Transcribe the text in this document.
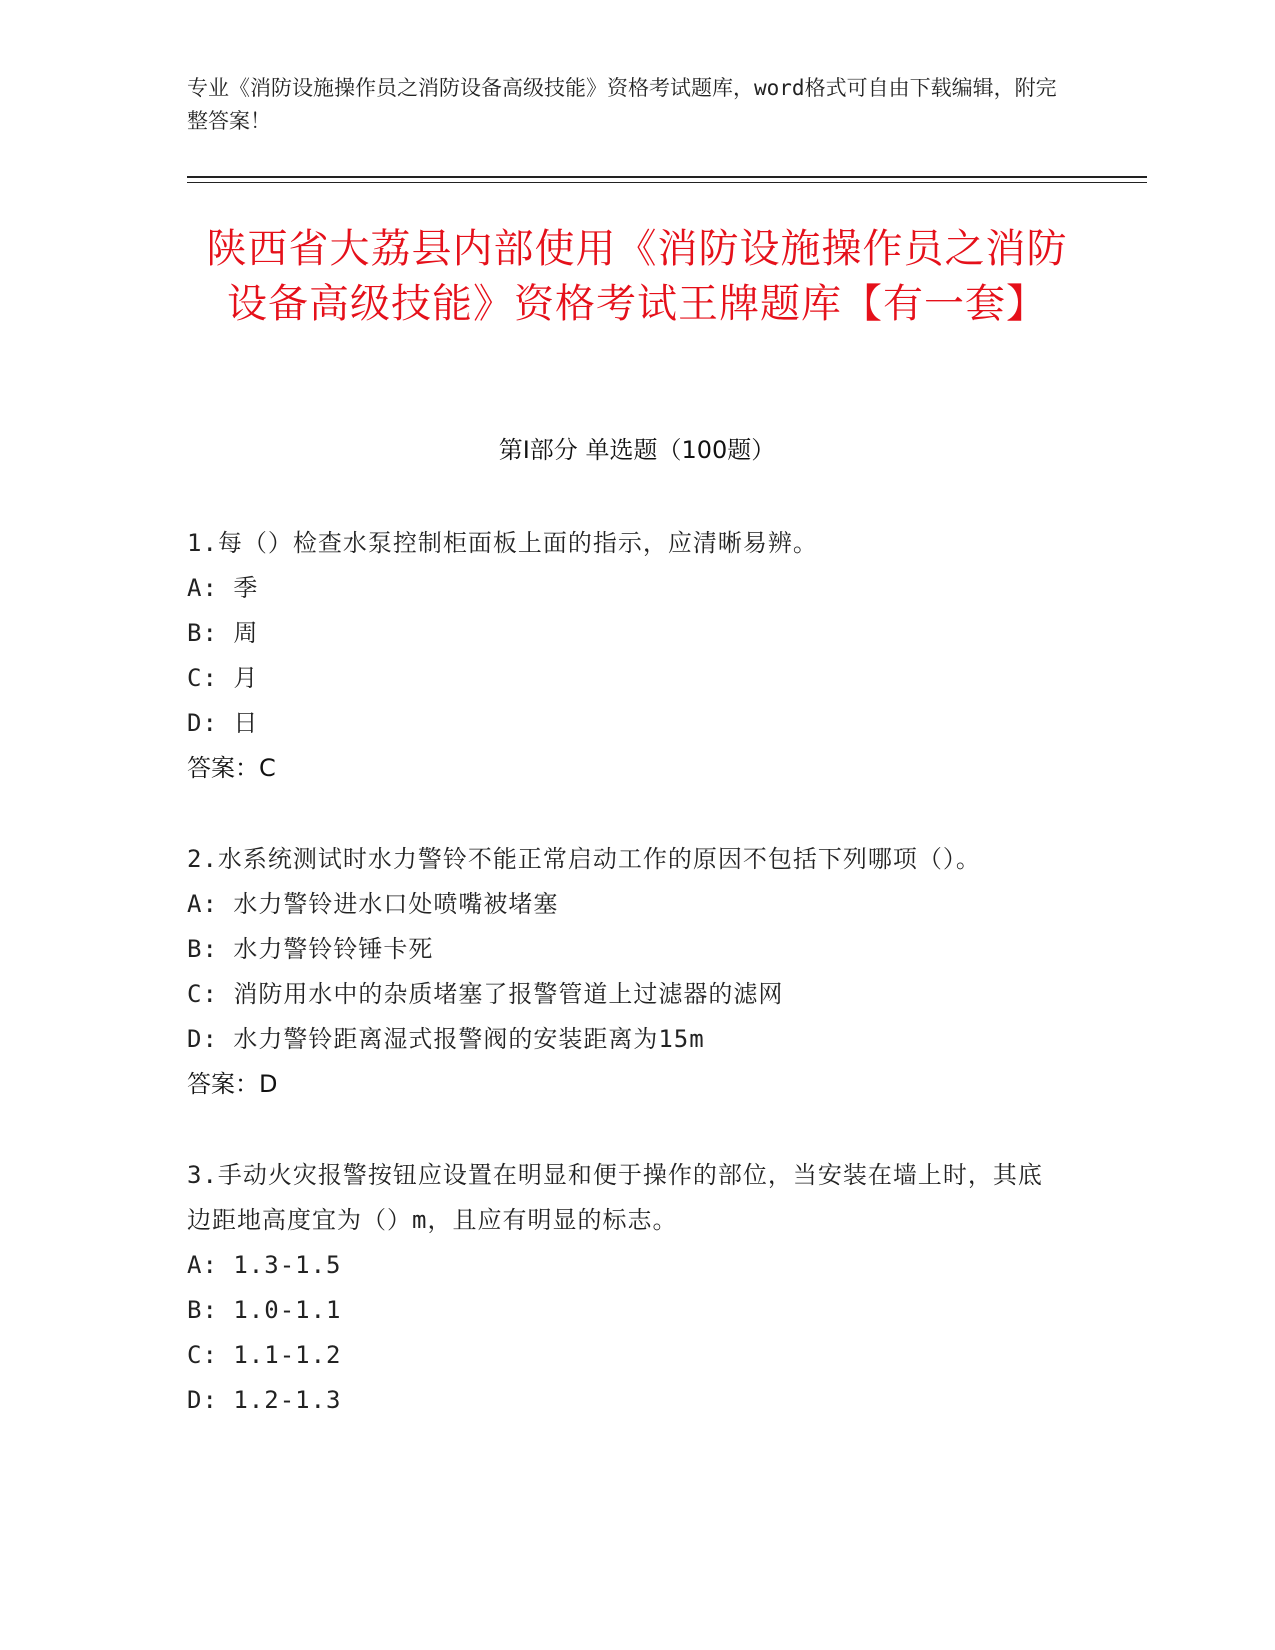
专业《消防设施操作员之消防设备高级技能》资格考试题库，word格式可自由下载编辑，附完整答案！
陕西省大荔县内部使用《消防设施操作员之消防设备高级技能》资格考试王牌题库【有一套】
第I部分 单选题（100题）
1.每（）检查水泵控制柜面板上面的指示，应清晰易辨。
A: 季
B: 周
C: 月
D: 日
答案：C
2.水系统测试时水力警铃不能正常启动工作的原因不包括下列哪项（）。
A: 水力警铃进水口处喷嘴被堵塞
B: 水力警铃铃锤卡死
C: 消防用水中的杂质堵塞了报警管道上过滤器的滤网
D: 水力警铃距离湿式报警阀的安装距离为15m
答案：D
3.手动火灾报警按钮应设置在明显和便于操作的部位，当安装在墙上时，其底边距地高度宜为（）m，且应有明显的标志。
A: 1.3-1.5
B: 1.0-1.1
C: 1.1-1.2
D: 1.2-1.3
